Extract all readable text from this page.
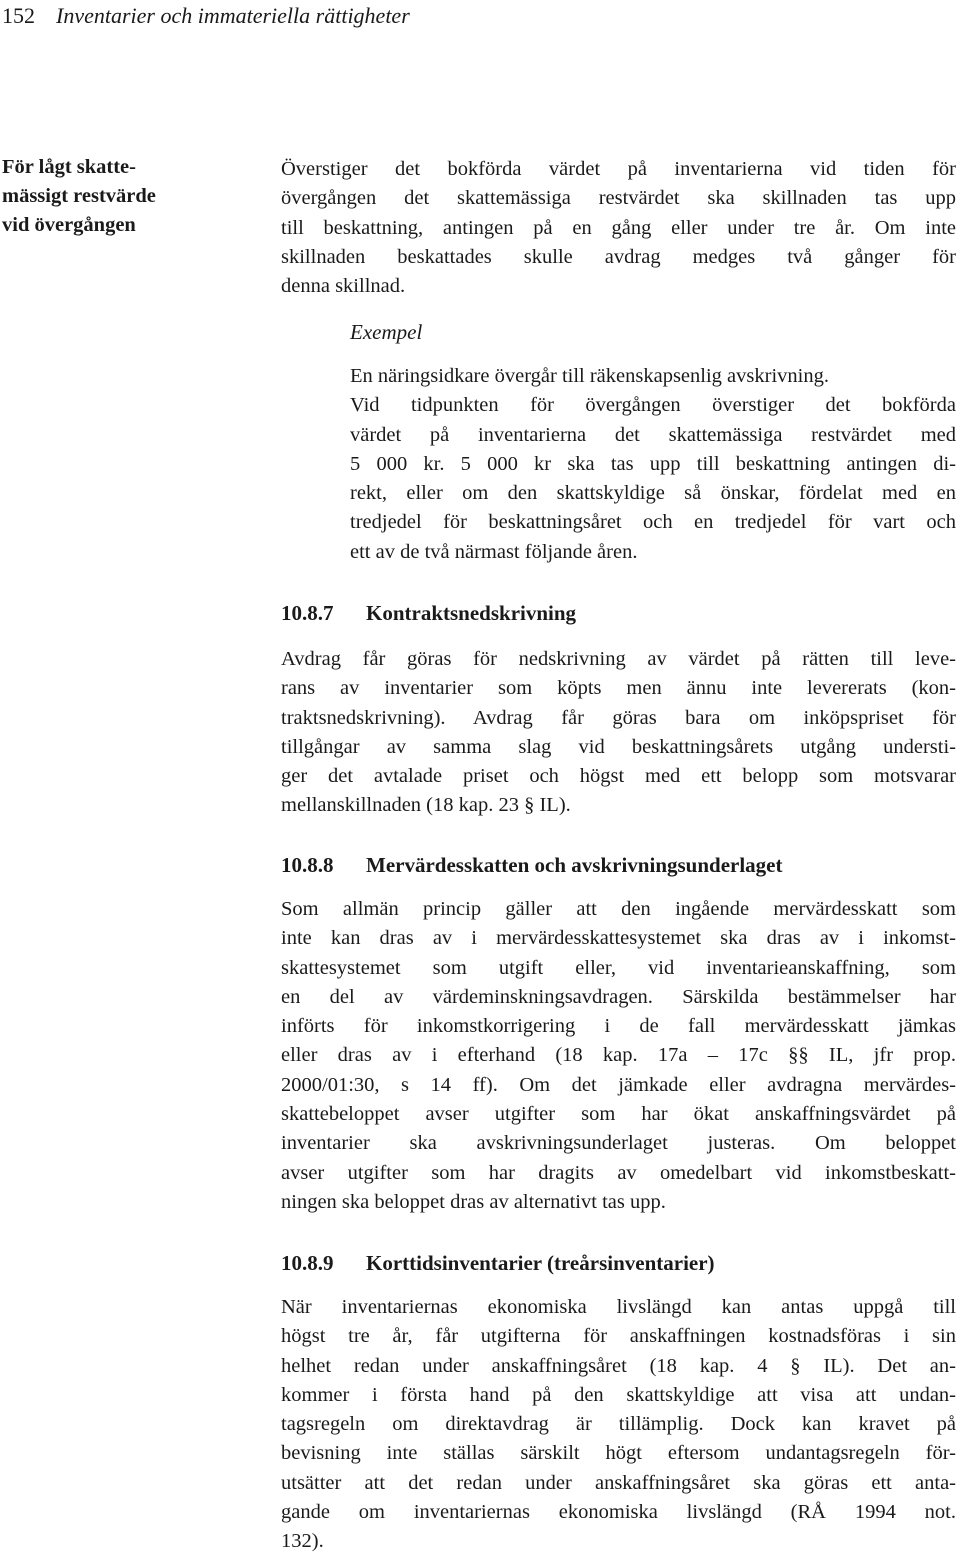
152 Inventarier och immateriella rättigheter
För lågt skatte-
mässigt restvärde
vid övergången
Överstiger det bokförda värdet på inventarierna vid tiden för
övergången det skattemässiga restvärdet ska skillnaden tas upp
till beskattning, antingen på en gång eller under tre år. Om inte
skillnaden beskattades skulle avdrag medges två gånger för
denna skillnad.
Exempel
En näringsidkare övergår till räkenskapsenlig avskrivning.
Vid tidpunkten för övergången överstiger det bokförda
värdet på inventarierna det skattemässiga restvärdet med
5 000 kr. 5 000 kr ska tas upp till beskattning antingen di-
rekt, eller om den skattskyldige så önskar, fördelat med en
tredjedel för beskattningsåret och en tredjedel för vart och
ett av de två närmast följande åren.
10.8.7 Kontraktsnedskrivning
Avdrag får göras för nedskrivning av värdet på rätten till leve-
rans av inventarier som köpts men ännu inte levererats (kon-
traktsnedskrivning). Avdrag får göras bara om inköpspriset för
tillgångar av samma slag vid beskattningsårets utgång understi-
ger det avtalade priset och högst med ett belopp som motsvarar
mellanskillnaden (18 kap. 23 § IL).
10.8.8 Mervärdesskatten och avskrivningsunderlaget
Som allmän princip gäller att den ingående mervärdesskatt som
inte kan dras av i mervärdesskattesystemet ska dras av i inkomst-
skattesystemet som utgift eller, vid inventarieanskaffning, som
en del av värdeminskningsavdragen. Särskilda bestämmelser har
införts för inkomstkorrigering i de fall mervärdesskatt jämkas
eller dras av i efterhand (18 kap. 17a – 17c §§ IL, jfr prop.
2000/01:30, s 14 ff). Om det jämkade eller avdragna mervärdes-
skattebeloppet avser utgifter som har ökat anskaffningsvärdet på
inventarier ska avskrivningsunderlaget justeras. Om beloppet
avser utgifter som har dragits av omedelbart vid inkomstbeskatt-
ningen ska beloppet dras av alternativt tas upp.
10.8.9 Korttidsinventarier (treårsinventarier)
När inventariernas ekonomiska livslängd kan antas uppgå till
högst tre år, får utgifterna för anskaffningen kostnadsföras i sin
helhet redan under anskaffningsåret (18 kap. 4 § IL). Det an-
kommer i första hand på den skattskyldige att visa att undan-
tagsregeln om direktavdrag är tillämplig. Dock kan kravet på
bevisning inte ställas särskilt högt eftersom undantagsregeln för-
utsätter att det redan under anskaffningsåret ska göras ett anta-
gande om inventariernas ekonomiska livslängd (RÅ 1994 not.
132).
